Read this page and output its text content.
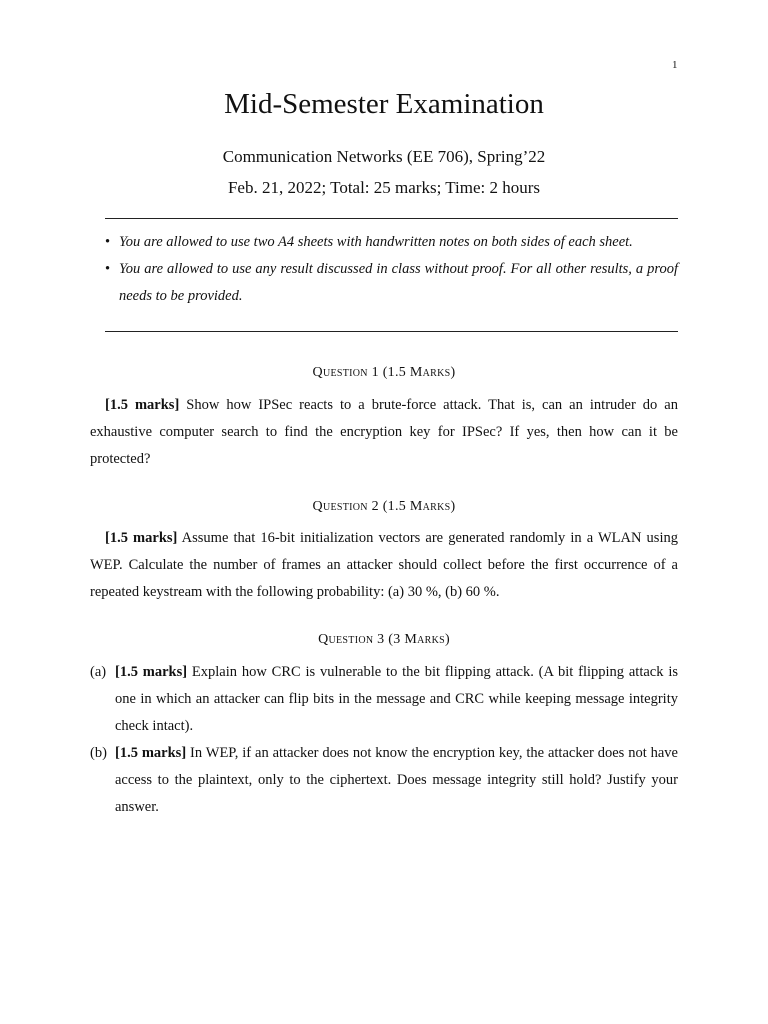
1
Mid-Semester Examination
Communication Networks (EE 706), Spring’22
Feb. 21, 2022; Total: 25 marks; Time: 2 hours
• You are allowed to use two A4 sheets with handwritten notes on both sides of each sheet.
• You are allowed to use any result discussed in class without proof. For all other results, a proof needs to be provided.
Question 1 (1.5 Marks)
[1.5 marks] Show how IPSec reacts to a brute-force attack. That is, can an intruder do an exhaustive computer search to find the encryption key for IPSec? If yes, then how can it be protected?
Question 2 (1.5 Marks)
[1.5 marks] Assume that 16-bit initialization vectors are generated randomly in a WLAN using WEP. Calculate the number of frames an attacker should collect before the first occurrence of a repeated keystream with the following probability: (a) 30 %, (b) 60 %.
Question 3 (3 Marks)
(a) [1.5 marks] Explain how CRC is vulnerable to the bit flipping attack. (A bit flipping attack is one in which an attacker can flip bits in the message and CRC while keeping message integrity check intact).
(b) [1.5 marks] In WEP, if an attacker does not know the encryption key, the attacker does not have access to the plaintext, only to the ciphertext. Does message integrity still hold? Justify your answer.
